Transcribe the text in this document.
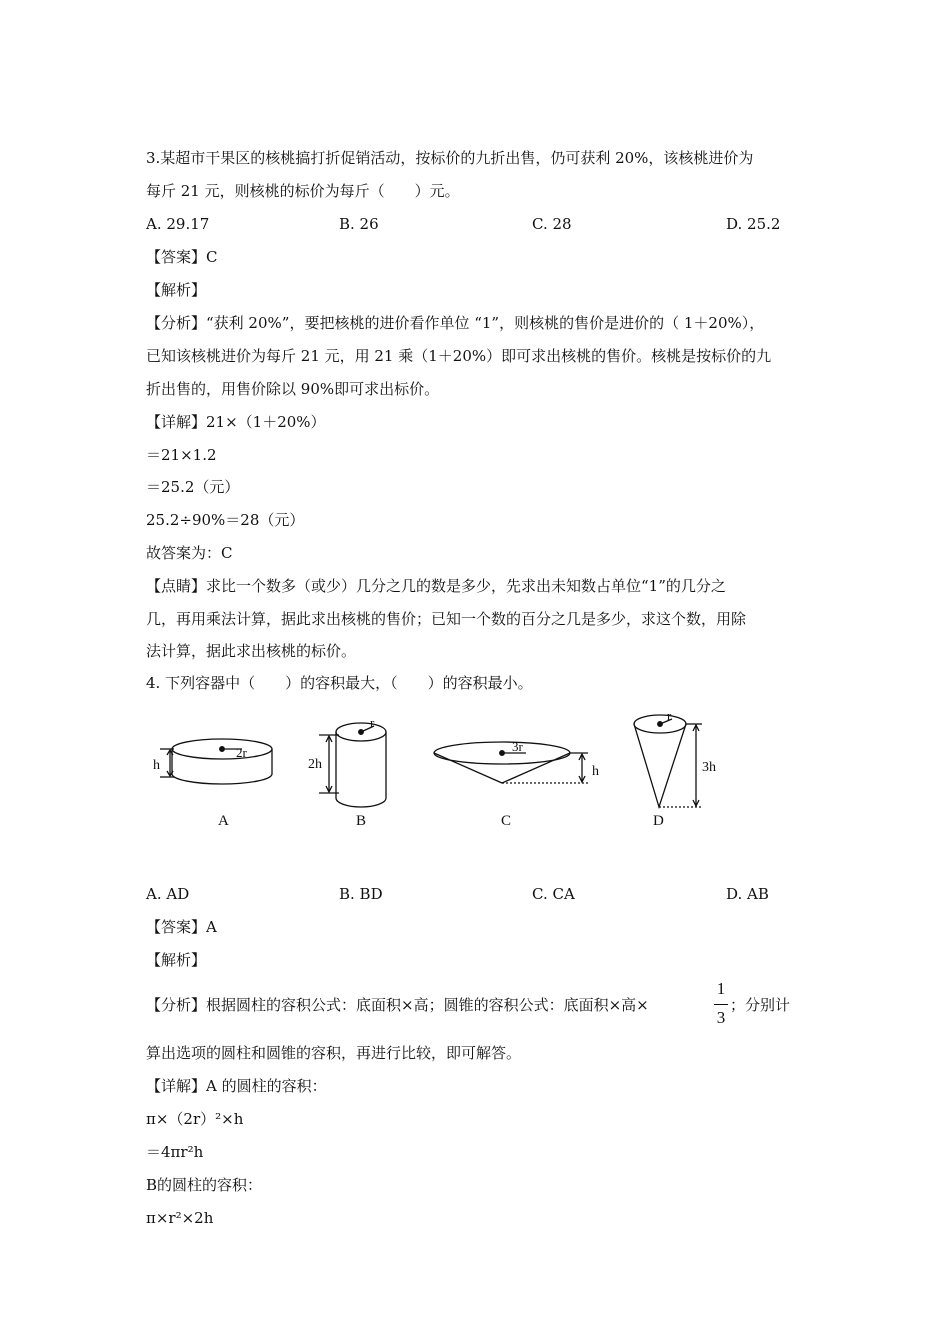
3.某超市干果区的核桃搞打折促销活动，按标价的九折出售，仍可获利 20%，该核桃进价为
每斤 21 元，则核桃的标价为每斤（　　）元。
A. 29.17	B. 26	C. 28	D. 25.2
【答案】C
【解析】
【分析】“获利 20%”，要把核桃的进价看作单位 “1”，则核桃的售价是进价的（ 1＋20%），
已知该核桃进价为每斤 21 元，用 21 乘（1＋20%）即可求出核桃的售价。核桃是按标价的九
折出售的，用售价除以 90%即可求出标价。
【详解】21×（1＋20%）
＝21×1.2
＝25.2（元）
25.2÷90%＝28（元）
故答案为：C
【点睛】求比一个数多（或少）几分之几的数是多少，先求出未知数占单位“1”的几分之
几，再用乘法计算，据此求出核桃的售价；已知一个数的百分之几是多少，求这个数，用除
法计算，据此求出核桃的标价。
4. 下列容器中（　　）的容积最大，（　　）的容积最小。
2r
h
A
r
2h
B
3r
h
C
r
3h
D
A. AD	B. BD	C. CA	D. AB
【答案】A
【解析】
【分析】根据圆柱的容积公式：底面积×高；圆锥的容积公式：底面积×高×
1
3
；分别计
算出选项的圆柱和圆锥的容积，再进行比较，即可解答。
【详解】A 的圆柱的容积：
π×（2r）²×h
＝4πr²h
B的圆柱的容积：
π×r²×2h
